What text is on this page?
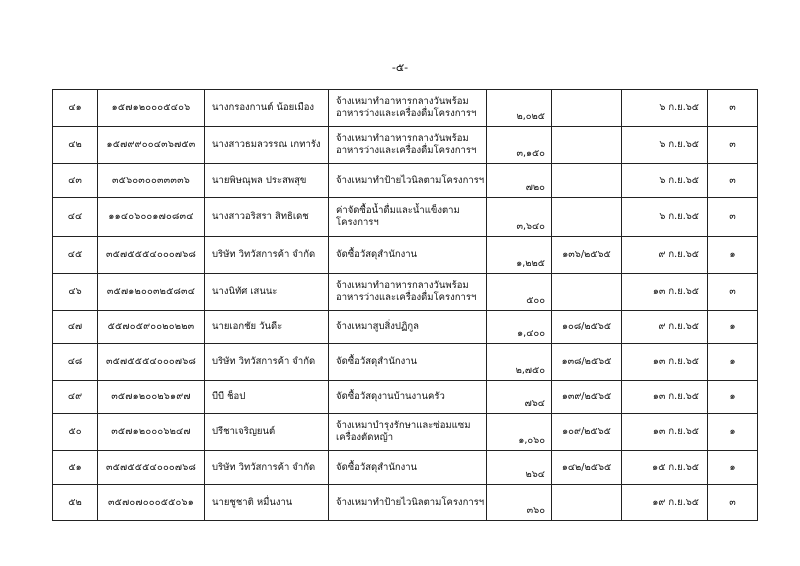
-๕-
๔๑	๑๕๗๑๒๐๐๐๕๔๐๖	นางกรองกานต์ น้อยเมือง	จ้างเหมาทำอาหารกลางวันพร้อม
อาหารว่างและเครื่องดื่มโครงการฯ	๒,๐๒๕		๖ ก.ย.๖๕	๓
๔๒	๑๕๗๙๙๐๐๔๓๖๗๕๓	นางสาวธมลวรรณ เกทารัง	จ้างเหมาทำอาหารกลางวันพร้อม
อาหารว่างและเครื่องดื่มโครงการฯ	๓,๑๕๐		๖ ก.ย.๖๕	๓
๔๓	๓๕๖๐๓๐๐๓๓๓๓๖	นายพิษณุพล ประสพสุข	จ้างเหมาทำป้ายไวนิลตามโครงการฯ	๗๒๐		๖ ก.ย.๖๕	๓
๔๔	๑๑๔๐๖๐๐๑๗๐๘๓๔	นางสาวอริสรา สิทธิเดช	ค่าจัดซื้อน้ำดื่มและน้ำแข็งตาม
โครงการฯ	๓,๖๔๐		๖ ก.ย.๖๕	๓
๔๕	๓๕๗๕๕๕๔๐๐๐๗๖๘	บริษัท วิทวัสการค้า จำกัด	จัดซื้อวัสดุสำนักงาน	๑,๒๒๕	๑๓๖/๒๕๖๕	๙ ก.ย.๖๕	๑
๔๖	๓๕๗๑๒๐๐๓๒๕๘๓๔	นางนิทัศ เสนนะ	จ้างเหมาทำอาหารกลางวันพร้อม
อาหารว่างและเครื่องดื่มโครงการฯ	๕๐๐		๑๓ ก.ย.๖๕	๓
๔๗	๕๕๗๐๕๙๐๐๒๐๒๒๓	นายเอกชัย วันดีะ	จ้างเหมาสูบสิ่งปฏิกูล	๑,๔๐๐	๑๐๘/๒๕๖๕	๙ ก.ย.๖๕	๑
๔๘	๓๕๗๕๕๕๔๐๐๐๗๖๘	บริษัท วิทวัสการค้า จำกัด	จัดซื้อวัสดุสำนักงาน	๒,๗๕๐	๑๓๘/๒๕๖๕	๑๓ ก.ย.๖๕	๑
๔๙	๓๕๗๑๒๐๐๒๖๑๙๗	บีบี ช็อป	จัดซื้อวัสดุงานบ้านงานครัว	๗๖๔	๑๓๙/๒๕๖๕	๑๓ ก.ย.๖๕	๑
๕๐	๓๕๗๑๒๐๐๐๖๒๔๗	ปรีชาเจริญยนต์	จ้างเหมาบำรุงรักษาและซ่อมแซม
เครื่องตัดหญ้า	๑,๐๖๐	๑๐๙/๒๕๖๕	๑๓ ก.ย.๖๕	๑
๕๑	๓๕๗๕๕๕๔๐๐๐๗๖๘	บริษัท วิทวัสการค้า จำกัด	จัดซื้อวัสดุสำนักงาน	๒๖๔	๑๔๒/๒๕๖๕	๑๕ ก.ย.๖๕	๑
๕๒	๓๕๗๐๗๐๐๐๕๕๐๖๑	นายชูชาติ หมื่นงาน	จ้างเหมาทำป้ายไวนิลตามโครงการฯ	๓๖๐		๑๙ ก.ย.๖๕	๓
